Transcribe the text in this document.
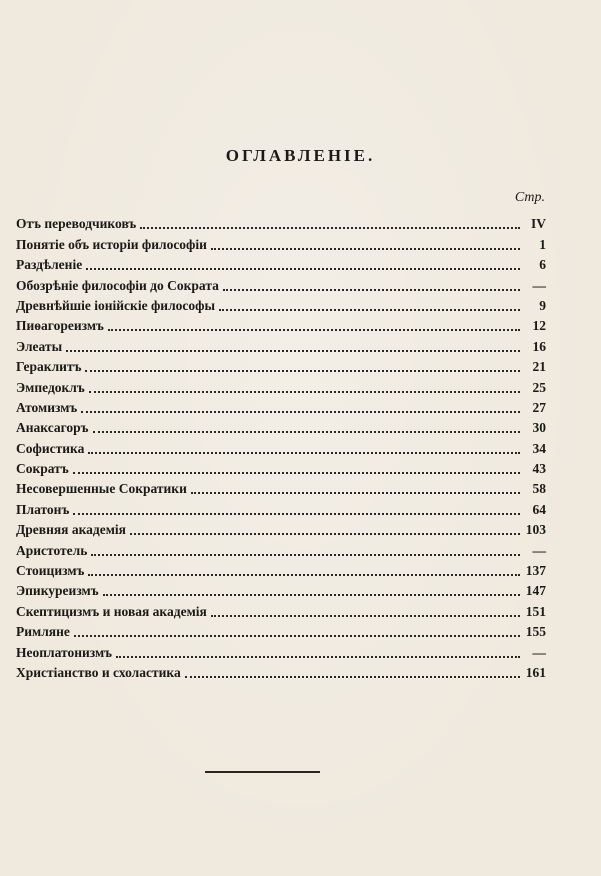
ОГЛАВЛЕНІЕ.
Стр.
Отъ переводчиковъ	IV
Понятіе объ исторіи философіи	1
Раздѣленіе	6
Обозрѣніе философіи до Сократа	—
Древнѣйшіе іонійскіе философы	9
Пиѳагореизмъ	12
Элеаты	16
Гераклитъ	21
Эмпедоклъ	25
Атомизмъ	27
Анаксагоръ	30
Софистика	34
Сократъ	43
Несовершенные Сократики	58
Платонъ	64
Древняя академія	103
Аристотель	—
Стоицизмъ	137
Эпикуреизмъ	147
Скептицизмъ и новая академія	151
Римляне	155
Неоплатонизмъ	—
Христіанство и схоластика	161
